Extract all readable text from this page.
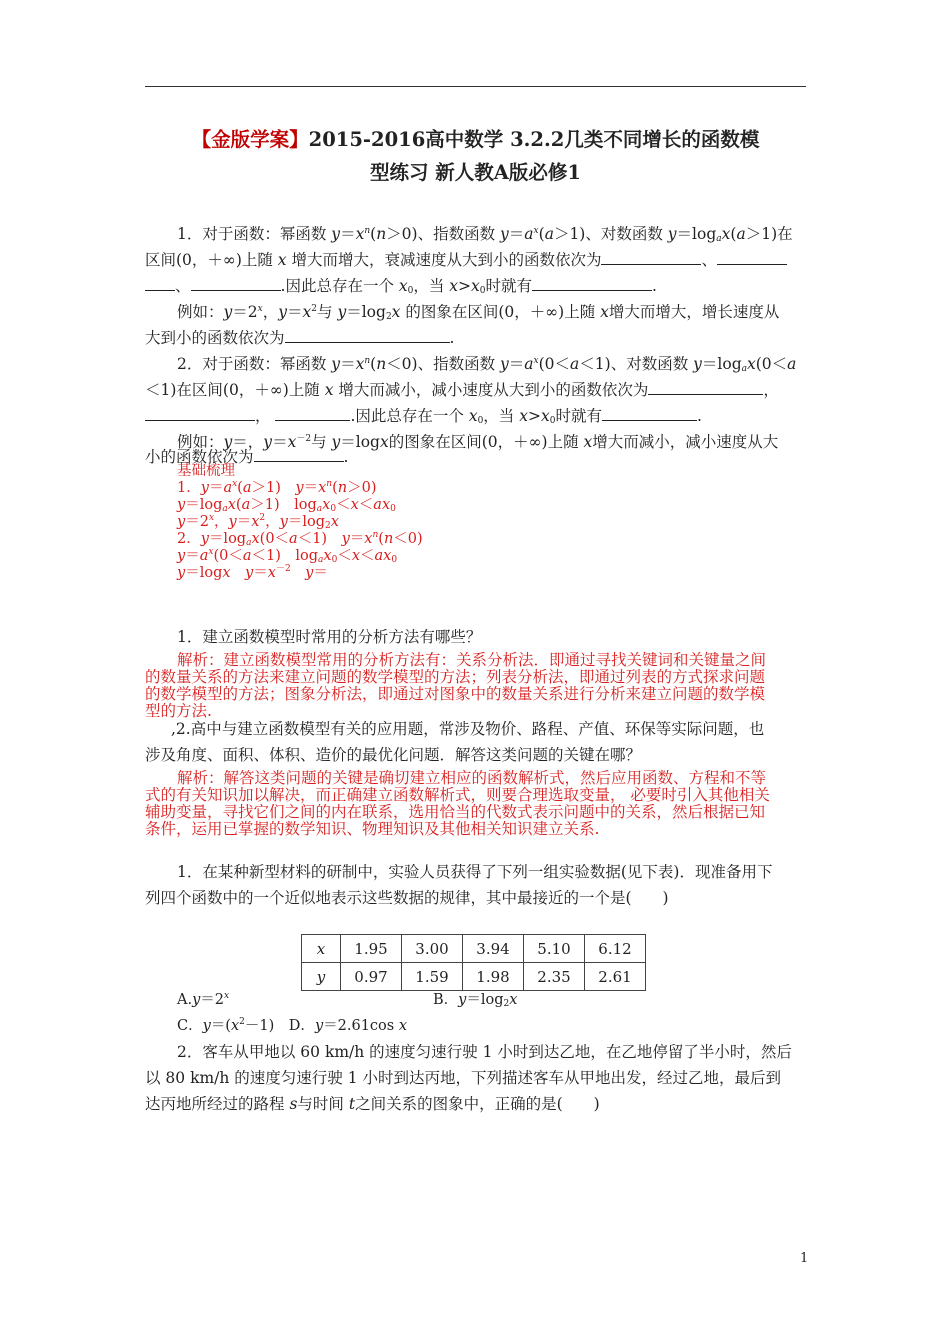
【金版学案】2015-2016高中数学 3.2.2几类不同增长的函数模
型练习 新人教A版必修1
1．对于函数：幂函数 $y=x^n(n>0)$、指数函数 $y=a^x(a>1)$、对数函数 $y=\log_ax(a>1)$在
区间(0，＋∞)上随 x 增大而增大，衰减速度从大到小的函数依次为	、
、	.因此总存在一个 $x_0$，当 $x>x_0$时就有	.
例如：$y=2^x$，$y=x^2$与 $y=\log_2x$ 的图象在区间(0，＋∞)上随 x增大而增大，增长速度从
大到小的函数依次为	.
2．对于函数：幂函数 $y=x^n(n<0)$、指数函数 $y=a^x(0<a<1)$、对数函数 $y=\log_ax(0<a$
＜1)在区间(0，＋∞)上随 x 增大而减小，减小速度从大到小的函数依次为	，
，	.因此总存在一个 $x_0$，当 $x>x_0$时就有	.
例如：y＝，$y=x^{-2}$与 y＝logx的图象在区间(0，＋∞)上随 x增大而减小，减小速度从大
小的函数依次为	.
基础梳理
1．$y=a^x(a>1)$　$y=x^n(n>0)$
$y=\log_ax(a>1)$　$\log_ax_0<x<ax_0$
$y=2^x$，$y=x^2$，$y=\log_2x$
2．$y=\log_ax(0<a<1)$　$y=x^n(n<0)$
$y=a^x(0<a<1)$　$\log_ax_0<x<ax_0$
y＝logx　 $y=x^{-2}$　 y＝
1．建立函数模型时常用的分析方法有哪些？
解析：建立函数模型常用的分析方法有：关系分析法．即通过寻找关键词和关键量之间
的数量关系的方法来建立问题的数学模型的方法；列表分析法，即通过列表的方式探求问题
的数学模型的方法；图象分析法，即通过对图象中的数量关系进行分析来建立问题的数学模
型的方法.
,2.高中与建立函数模型有关的应用题，常涉及物价、路程、产值、环保等实际问题，也
涉及角度、面积、体积、造价的最优化问题．解答这类问题的关键在哪？
解析：解答这类问题的关键是确切建立相应的函数解析式，然后应用函数、方程和不等
式的有关知识加以解决，而正确建立函数解析式，则要合理选取变量， 必要时引入其他相关
辅助变量，寻找它们之间的内在联系，选用恰当的代数式表示问题中的关系，然后根据已知
条件，运用已掌握的数学知识、物理知识及其他相关知识建立关系.
1．在某种新型材料的研制中，实验人员获得了下列一组实验数据(见下表)．现准备用下
列四个函数中的一个近似地表示这些数据的规律，其中最接近的一个是(　　)
x	1.95	3.00	3.94	5.10	6.12
y	0.97	1.59	1.98	2.35	2.61
$A.y=2^x$	B．$y=\log_2x$
C．$y=(x^2-1)$　D．y＝2.61cos x
2．客车从甲地以 60 km/h 的速度匀速行驶 1 小时到达乙地，在乙地停留了半小时，然后
以 80 km/h 的速度匀速行驶 1 小时到达丙地，下列描述客车从甲地出发，经过乙地，最后到
达丙地所经过的路程 s与时间 t之间关系的图象中，正确的是(　　)
1
